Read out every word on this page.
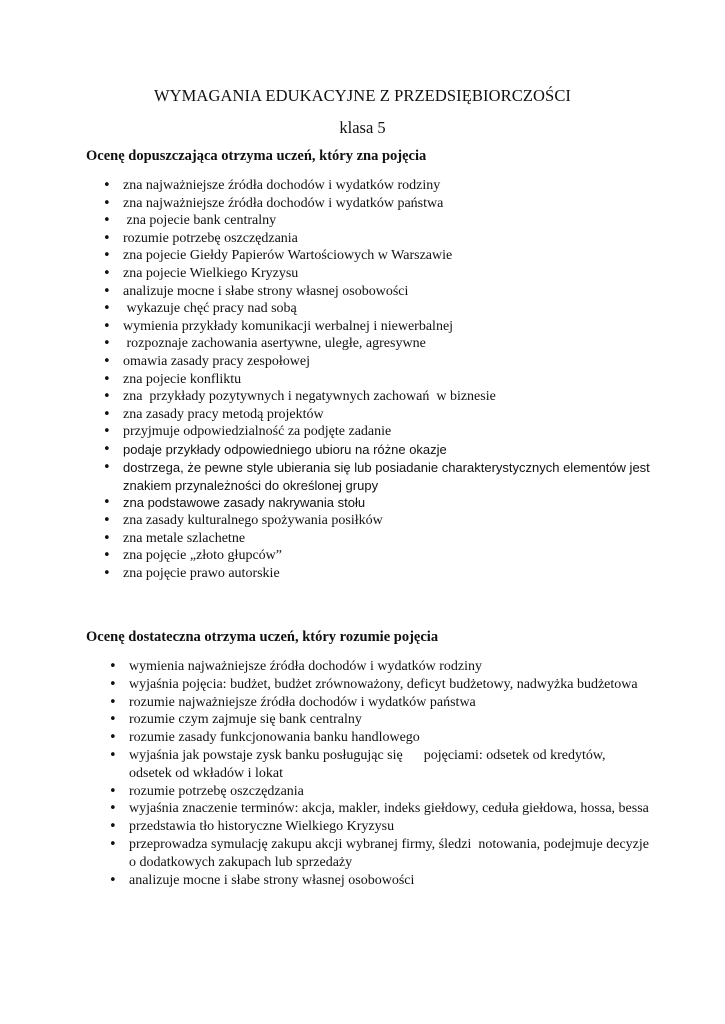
WYMAGANIA EDUKACYJNE Z PRZEDSIĘBIORCZOŚCI
klasa 5
Ocenę dopuszczająca otrzyma uczeń, który zna pojęcia
• zna najważniejsze źródła dochodów i wydatków rodziny
• zna najważniejsze źródła dochodów i wydatków państwa
• zna pojecie bank centralny
• rozumie potrzebę oszczędzania
• zna pojecie Giełdy Papierów Wartościowych w Warszawie
• zna pojecie Wielkiego Kryzysu
• analizuje mocne i słabe strony własnej osobowości
• wykazuje chęć pracy nad sobą
• wymienia przykłady komunikacji werbalnej i niewerbalnej
• rozpoznaje zachowania asertywne, uległe, agresywne
• omawia zasady pracy zespołowej
• zna pojecie konfliktu
• zna  przykłady pozytywnych i negatywnych zachowań  w biznesie
• zna zasady pracy metodą projektów
• przyjmuje odpowiedzialność za podjęte zadanie
• podaje przykłady odpowiedniego ubioru na różne okazje
• dostrzega, że pewne style ubierania się lub posiadanie charakterystycznych elementów jest znakiem przynależności do określonej grupy
• zna podstawowe zasady nakrywania stołu
• zna zasady kulturalnego spożywania posiłków
• zna metale szlachetne
• zna pojęcie „złoto głupców”
• zna pojęcie prawo autorskie
Ocenę dostateczna otrzyma uczeń, który rozumie pojęcia
• wymienia najważniejsze źródła dochodów i wydatków rodziny
• wyjaśnia pojęcia: budżet, budżet zrównoważony, deficyt budżetowy, nadwyżka budżetowa
• rozumie najważniejsze źródła dochodów i wydatków państwa
• rozumie czym zajmuje się bank centralny
• rozumie zasady funkcjonowania banku handlowego
• wyjaśnia jak powstaje zysk banku posługując się      pojęciami: odsetek od kredytów, odsetek od wkładów i lokat
• rozumie potrzebę oszczędzania
• wyjaśnia znaczenie terminów: akcja, makler, indeks giełdowy, ceduła giełdowa, hossa, bessa
• przedstawia tło historyczne Wielkiego Kryzysu
• przeprowadza symulację zakupu akcji wybranej firmy, śledzi  notowania, podejmuje decyzje o dodatkowych zakupach lub sprzedaży
• analizuje mocne i słabe strony własnej osobowości
